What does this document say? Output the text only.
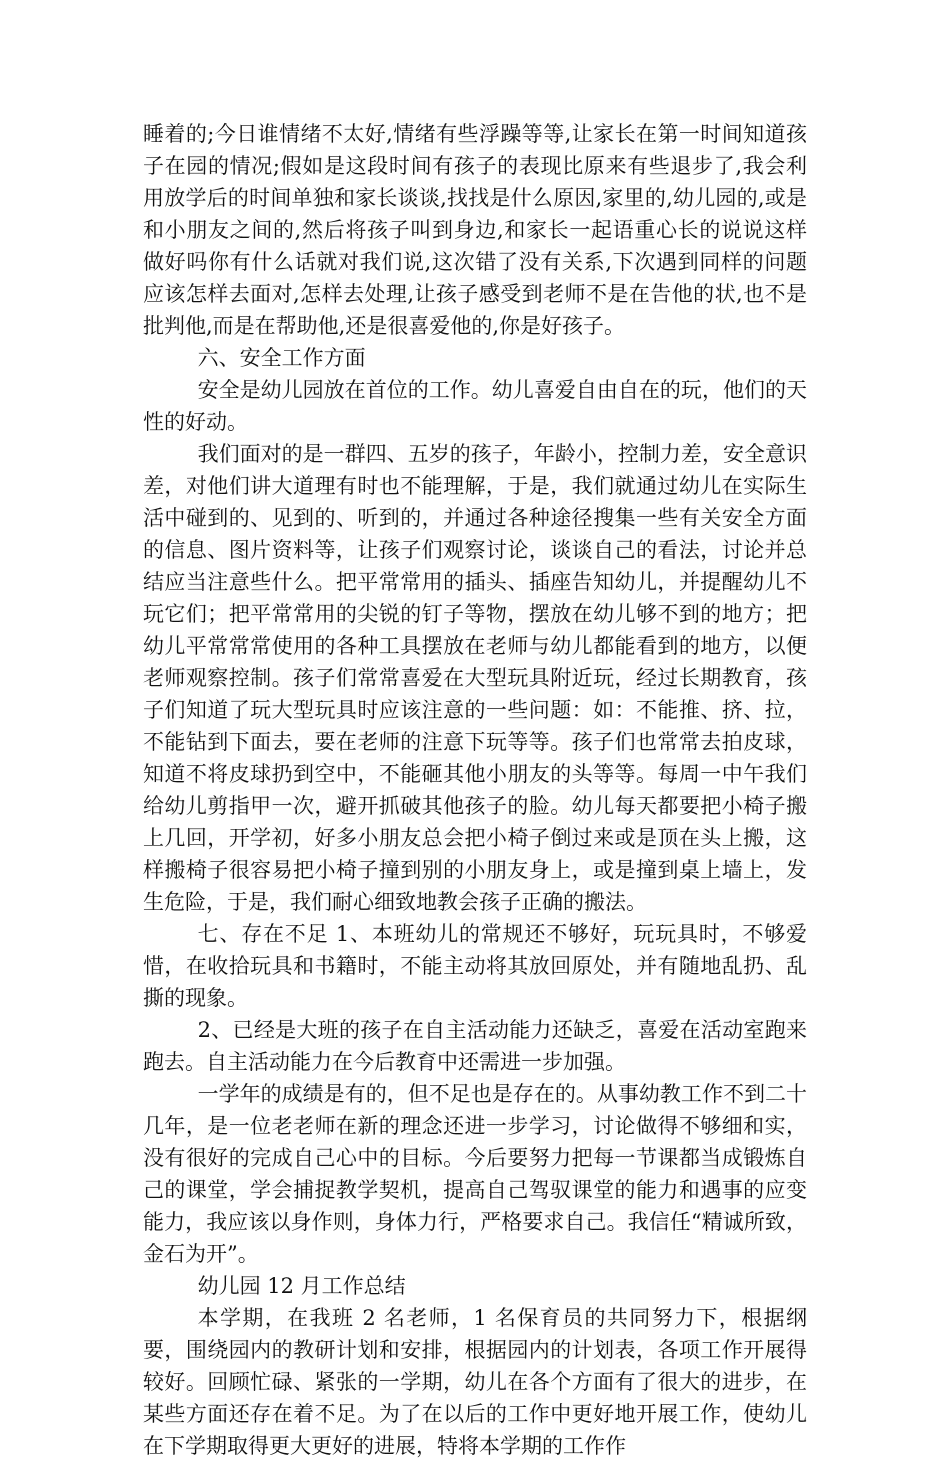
睡着的;今日谁情绪不太好,情绪有些浮躁等等,让家长在第一时间知道孩子在园的情况;假如是这段时间有孩子的表现比原来有些退步了,我会利用放学后的时间单独和家长谈谈,找找是什么原因,家里的,幼儿园的,或是和小朋友之间的,然后将孩子叫到身边,和家长一起语重心长的说说这样做好吗你有什么话就对我们说,这次错了没有关系,下次遇到同样的问题应该怎样去面对,怎样去处理,让孩子感受到老师不是在告他的状,也不是批判他,而是在帮助他,还是很喜爱他的,你是好孩子。

六、安全工作方面

安全是幼儿园放在首位的工作。幼儿喜爱自由自在的玩，他们的天性的好动。

我们面对的是一群四、五岁的孩子，年龄小，控制力差，安全意识差，对他们讲大道理有时也不能理解，于是，我们就通过幼儿在实际生活中碰到的、见到的、听到的，并通过各种途径搜集一些有关安全方面的信息、图片资料等，让孩子们观察讨论，谈谈自己的看法，讨论并总结应当注意些什么。把平常常用的插头、插座告知幼儿，并提醒幼儿不玩它们；把平常常用的尖锐的钉子等物，摆放在幼儿够不到的地方；把幼儿平常常常使用的各种工具摆放在老师与幼儿都能看到的地方，以便老师观察控制。孩子们常常喜爱在大型玩具附近玩，经过长期教育，孩子们知道了玩大型玩具时应该注意的一些问题：如：不能推、挤、拉，不能钻到下面去，要在老师的注意下玩等等。孩子们也常常去拍皮球，知道不将皮球扔到空中，不能砸其他小朋友的头等等。每周一中午我们给幼儿剪指甲一次，避开抓破其他孩子的脸。幼儿每天都要把小椅子搬上几回，开学初，好多小朋友总会把小椅子倒过来或是顶在头上搬，这样搬椅子很容易把小椅子撞到别的小朋友身上，或是撞到桌上墙上，发生危险，于是，我们耐心细致地教会孩子正确的搬法。

七、存在不足 1、本班幼儿的常规还不够好，玩玩具时，不够爱惜，在收拾玩具和书籍时，不能主动将其放回原处，并有随地乱扔、乱撕的现象。

2、已经是大班的孩子在自主活动能力还缺乏，喜爱在活动室跑来跑去。自主活动能力在今后教育中还需进一步加强。

一学年的成绩是有的，但不足也是存在的。从事幼教工作不到二十几年，是一位老老师在新的理念还进一步学习，讨论做得不够细和实，没有很好的完成自己心中的目标。今后要努力把每一节课都当成锻炼自己的课堂，学会捕捉教学契机，提高自己驾驭课堂的能力和遇事的应变能力，我应该以身作则，身体力行，严格要求自己。我信任“精诚所致，金石为开”。

幼儿园 12 月工作总结

本学期，在我班 2 名老师，1 名保育员的共同努力下，根据纲要，围绕园内的教研计划和安排，根据园内的计划表，各项工作开展得较好。回顾忙碌、紧张的一学期，幼儿在各个方面有了很大的进步，在某些方面还存在着不足。为了在以后的工作中更好地开展工作，使幼儿在下学期取得更大更好的进展，特将本学期的工作作
